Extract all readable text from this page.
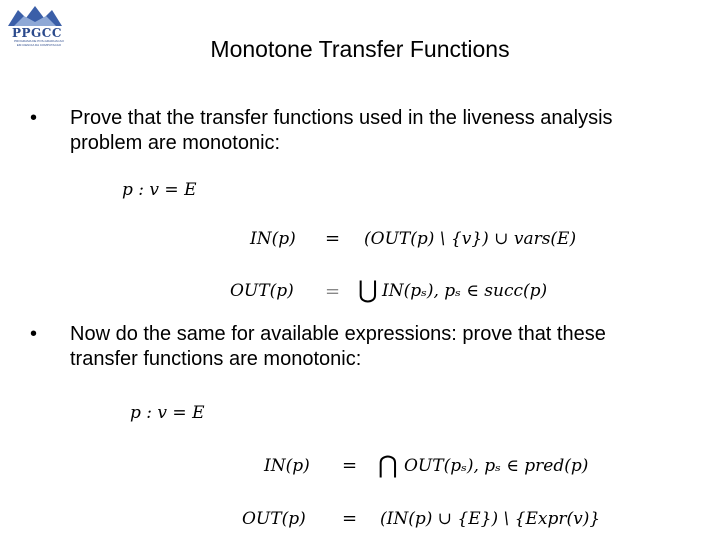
PPGCC
PROGRAMA DE POS-GRADUACAO EM CIENCIA DA COMPUTACAO	Monotone Transfer Functions
• Prove that the transfer functions used in the liveness analysis problem are monotonic:
p : v = E
IN(p) = (OUT(p) \ {v}) ∪ vars(E)
OUT(p) = ⋃ IN(pₛ), pₛ ∈ succ(p)
• Now do the same for available expressions: prove that these transfer functions are monotonic:
p : v = E
IN(p) = ⋂ OUT(pₛ), pₛ ∈ pred(p)
OUT(p) = (IN(p) ∪ {E}) \ {Expr(v)}
